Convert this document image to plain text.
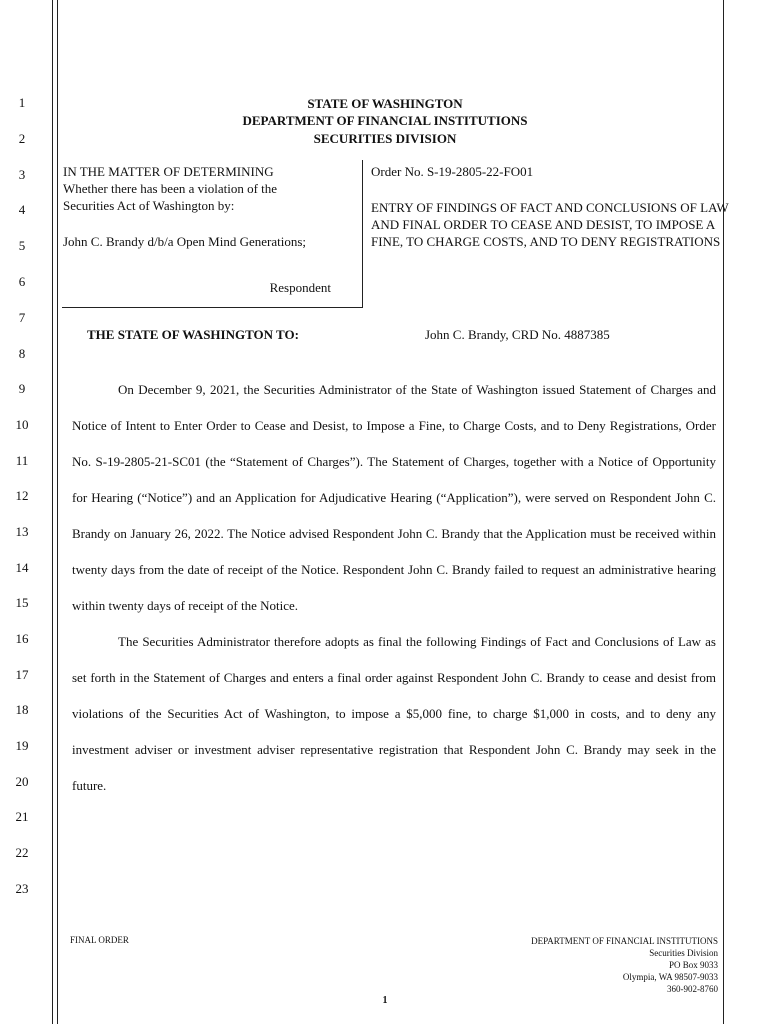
1
2
3
4
5
6
7
8
9
10
11
12
13
14
15
16
17
18
19
20
21
22
23
STATE OF WASHINGTON
DEPARTMENT OF FINANCIAL INSTITUTIONS
SECURITIES DIVISION

IN THE MATTER OF DETERMINING

Whether there has been a violation of the

Securities Act of Washington by:

John C. Brandy d/b/a Open Mind Generations;

Respondent

Order No. S-19-2805-22-FO01

ENTRY OF FINDINGS OF FACT AND CONCLUSIONS OF LAW AND FINAL ORDER TO CEASE AND DESIST, TO IMPOSE A FINE, TO CHARGE COSTS, AND TO DENY REGISTRATIONS

THE STATE OF WASHINGTON TO:	John C. Brandy, CRD No. 4887385

On December 9, 2021, the Securities Administrator of the State of Washington issued Statement of Charges and Notice of Intent to Enter Order to Cease and Desist, to Impose a Fine, to Charge Costs, and to Deny Registrations, Order No. S-19-2805-21-SC01 (the “Statement of Charges”). The Statement of Charges, together with a Notice of Opportunity for Hearing (“Notice”) and an Application for Adjudicative Hearing (“Application”), were served on Respondent John C. Brandy on January 26, 2022. The Notice advised Respondent John C. Brandy that the Application must be received within twenty days from the date of receipt of the Notice. Respondent John C. Brandy failed to request an administrative hearing within twenty days of receipt of the Notice.

The Securities Administrator therefore adopts as final the following Findings of Fact and Conclusions of Law as set forth in the Statement of Charges and enters a final order against Respondent John C. Brandy to cease and desist from violations of the Securities Act of Washington, to impose a $5,000 fine, to charge $1,000 in costs, and to deny any investment adviser or investment adviser representative registration that Respondent John C. Brandy may seek in the future.

FINAL ORDER	DEPARTMENT OF FINANCIAL INSTITUTIONS
Securities Division
PO Box 9033
Olympia, WA 98507-9033
360-902-8760
1
